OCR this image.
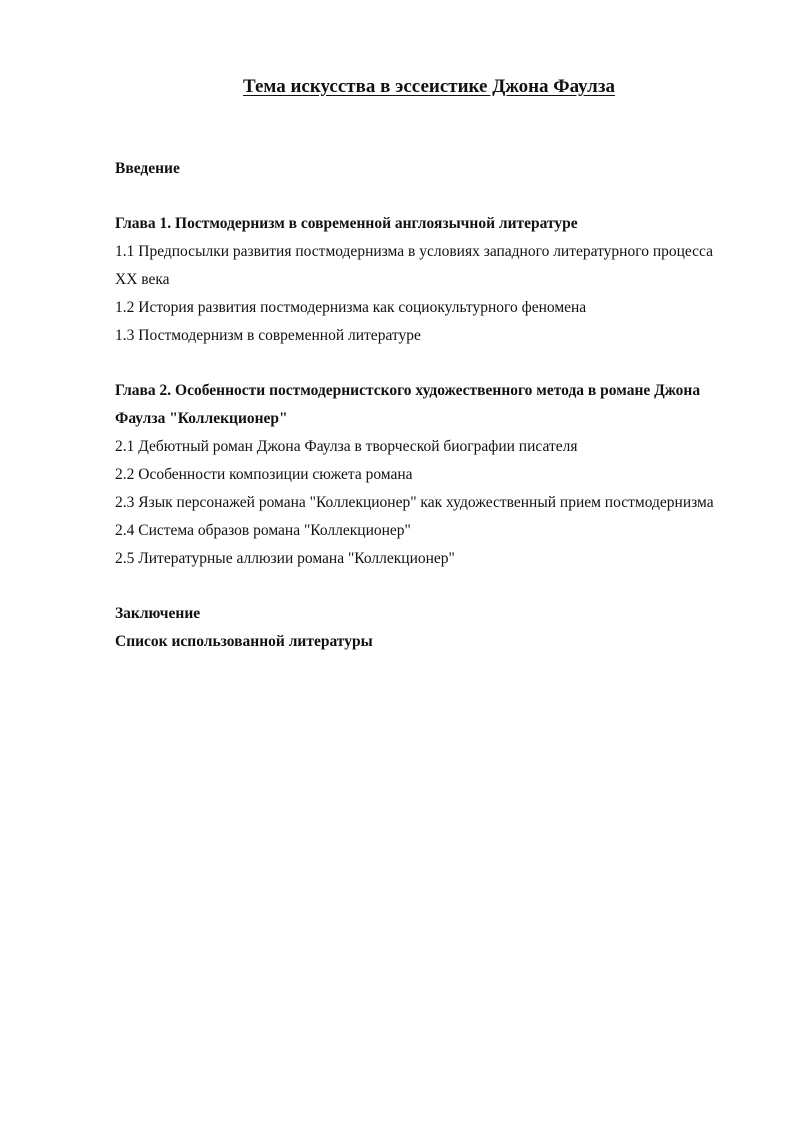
Тема искусства в эссеистике Джона Фаулза
Введение
Глава 1. Постмодернизм в современной англоязычной литературе
1.1 Предпосылки развития постмодернизма в условиях западного литературного процесса
XX века
1.2 История развития постмодернизма как социокультурного феномена
1.3 Постмодернизм в современной литературе
Глава 2. Особенности постмодернистского художественного метода в романе Джона
Фаулза "Коллекционер"
2.1 Дебютный роман Джона Фаулза в творческой биографии писателя
2.2 Особенности композиции сюжета романа
2.3 Язык персонажей романа "Коллекционер" как художественный прием постмодернизма
2.4 Система образов романа "Коллекционер"
2.5 Литературные аллюзии романа "Коллекционер"
Заключение
Список использованной литературы
